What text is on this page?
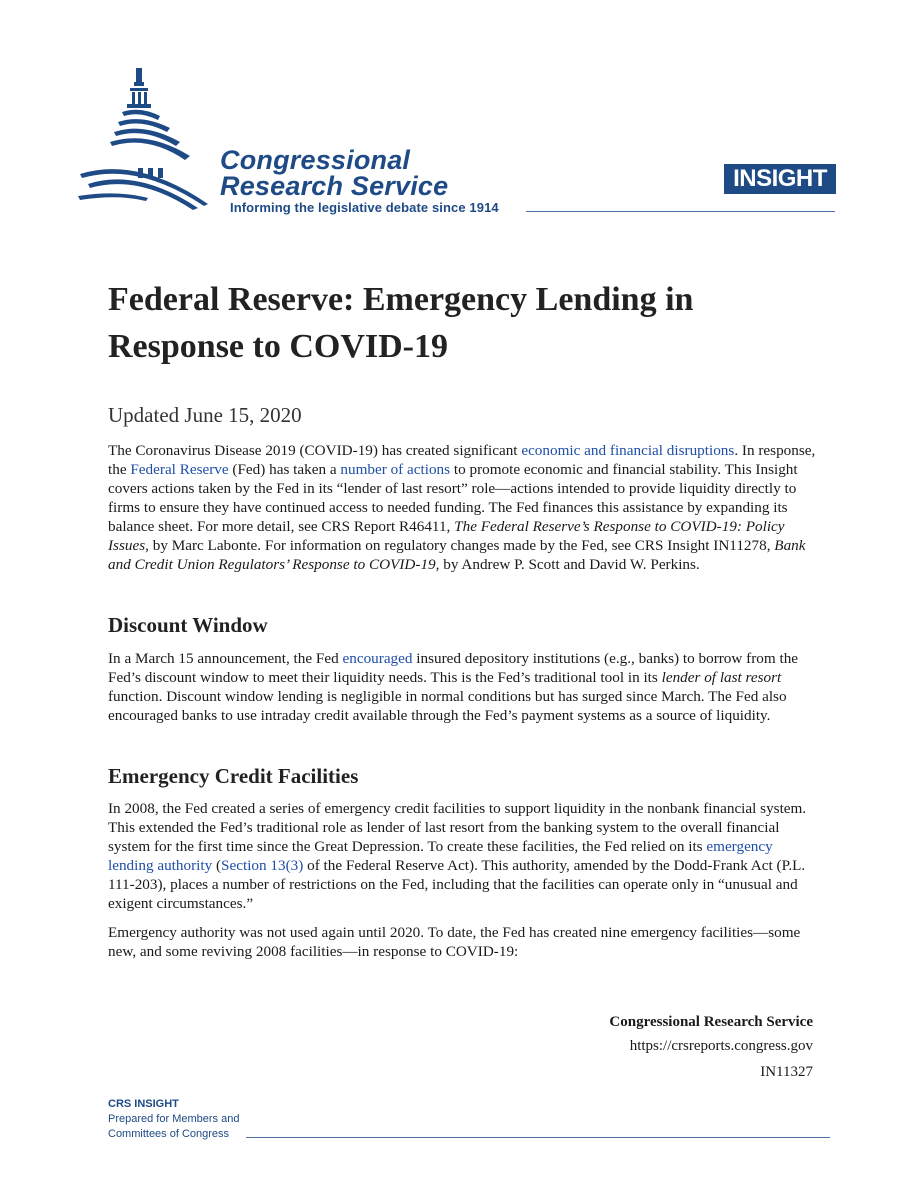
Congressional
Research Service
Informing the legislative debate since 1914
INSIGHT
Federal Reserve: Emergency Lending in Response to COVID-19
Updated June 15, 2020

The Coronavirus Disease 2019 (COVID-19) has created significant economic and financial disruptions. In response, the Federal Reserve (Fed) has taken a number of actions to promote economic and financial stability. This Insight covers actions taken by the Fed in its “lender of last resort” role—actions intended to provide liquidity directly to firms to ensure they have continued access to needed funding. The Fed finances this assistance by expanding its balance sheet. For more detail, see CRS Report R46411, The Federal Reserve’s Response to COVID-19: Policy Issues, by Marc Labonte. For information on regulatory changes made by the Fed, see CRS Insight IN11278, Bank and Credit Union Regulators’ Response to COVID-19, by Andrew P. Scott and David W. Perkins.

Discount Window

In a March 15 announcement, the Fed encouraged insured depository institutions (e.g., banks) to borrow from the Fed’s discount window to meet their liquidity needs. This is the Fed’s traditional tool in its lender of last resort function. Discount window lending is negligible in normal conditions but has surged since March. The Fed also encouraged banks to use intraday credit available through the Fed’s payment systems as a source of liquidity.

Emergency Credit Facilities

In 2008, the Fed created a series of emergency credit facilities to support liquidity in the nonbank financial system. This extended the Fed’s traditional role as lender of last resort from the banking system to the overall financial system for the first time since the Great Depression. To create these facilities, the Fed relied on its emergency lending authority (Section 13(3) of the Federal Reserve Act). This authority, amended by the Dodd-Frank Act (P.L. 111-203), places a number of restrictions on the Fed, including that the facilities can operate only in “unusual and exigent circumstances.”

Emergency authority was not used again until 2020. To date, the Fed has created nine emergency facilities—some new, and some reviving 2008 facilities—in response to COVID-19:

Congressional Research Service
https://crsreports.congress.gov
IN11327
CRS INSIGHT
Prepared for Members and
Committees of Congress
